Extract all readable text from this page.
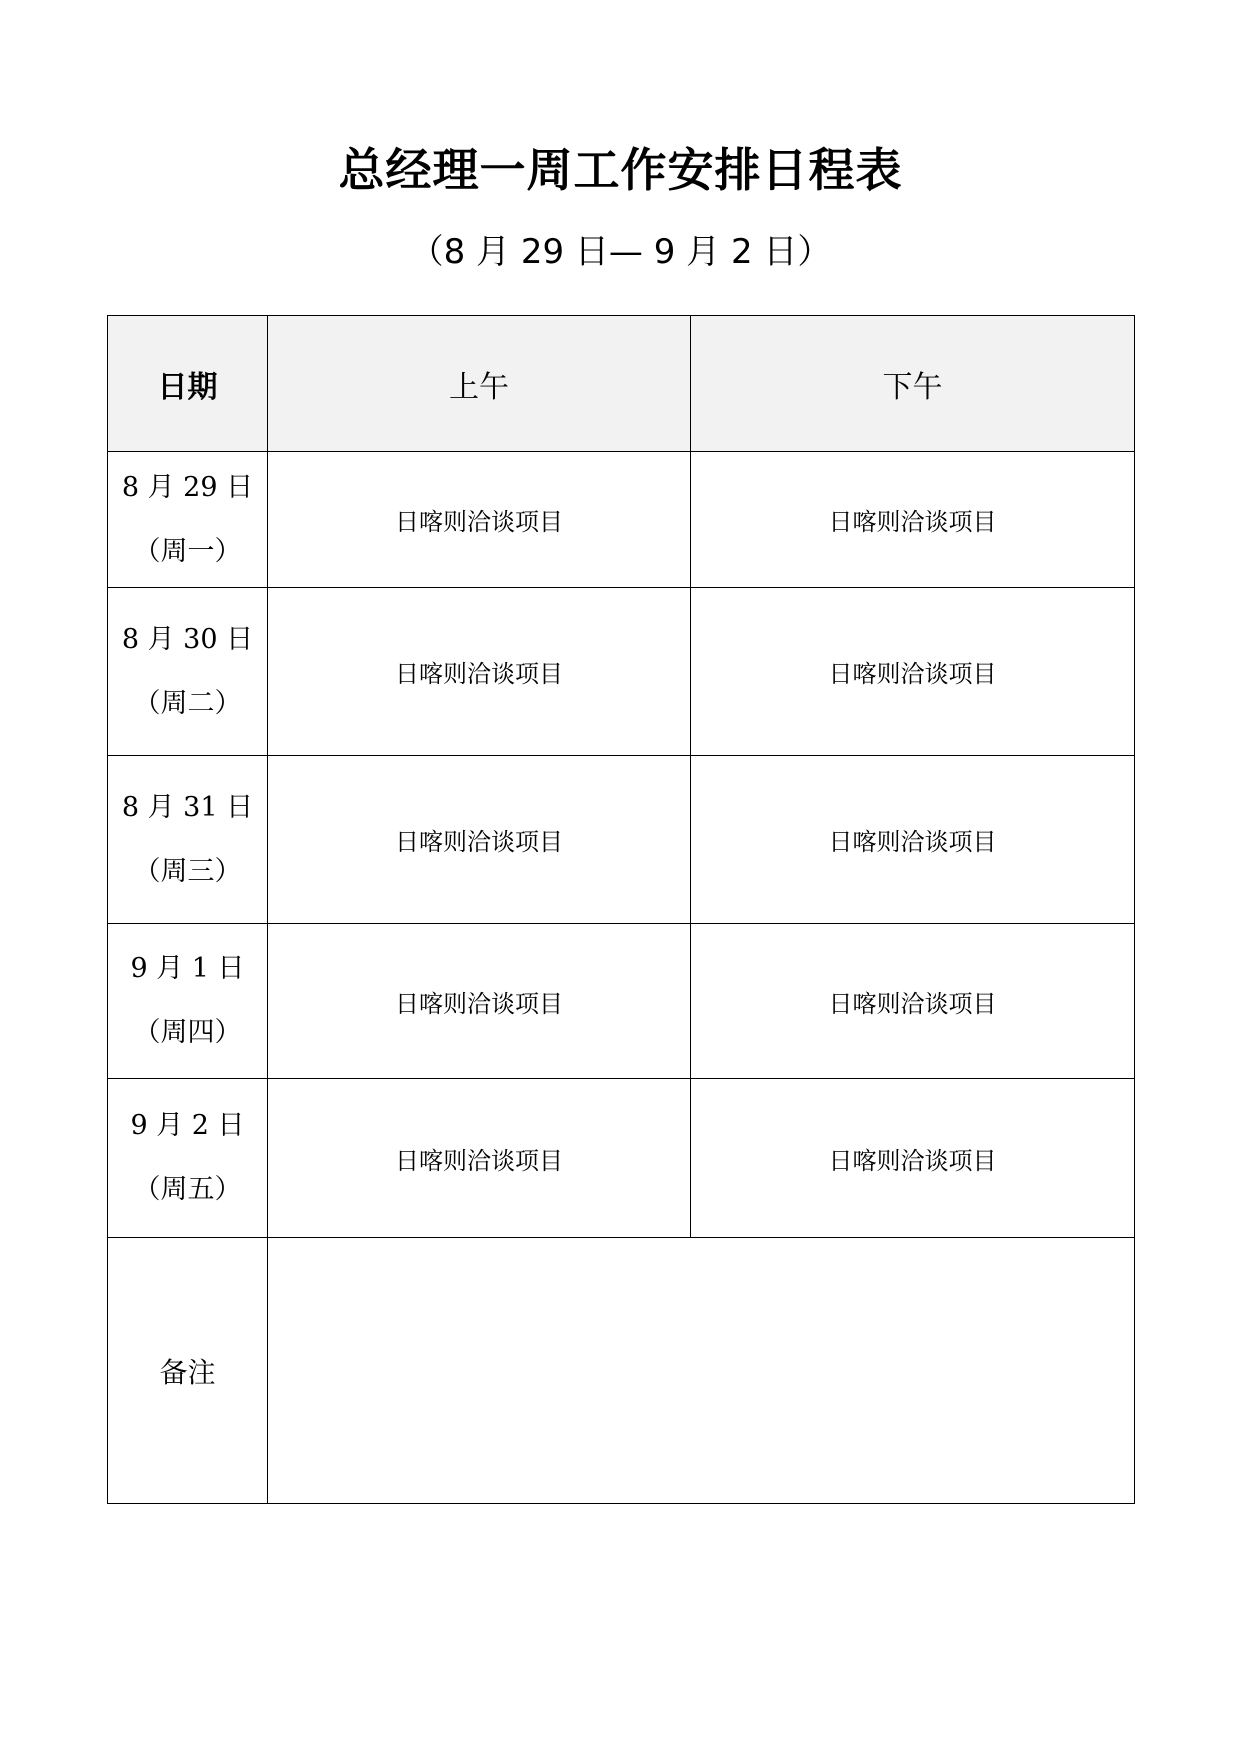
总经理一周工作安排日程表
（8 月 29 日— 9 月 2 日）
日期	上午	下午

8 月 29 日
（周一）	日喀则洽谈项目	日喀则洽谈项目

8 月 30 日
（周二）	日喀则洽谈项目	日喀则洽谈项目

8 月 31 日
（周三）	日喀则洽谈项目	日喀则洽谈项目

9 月 1 日
（周四）	日喀则洽谈项目	日喀则洽谈项目

9 月 2 日
（周五）	日喀则洽谈项目	日喀则洽谈项目
备注		
